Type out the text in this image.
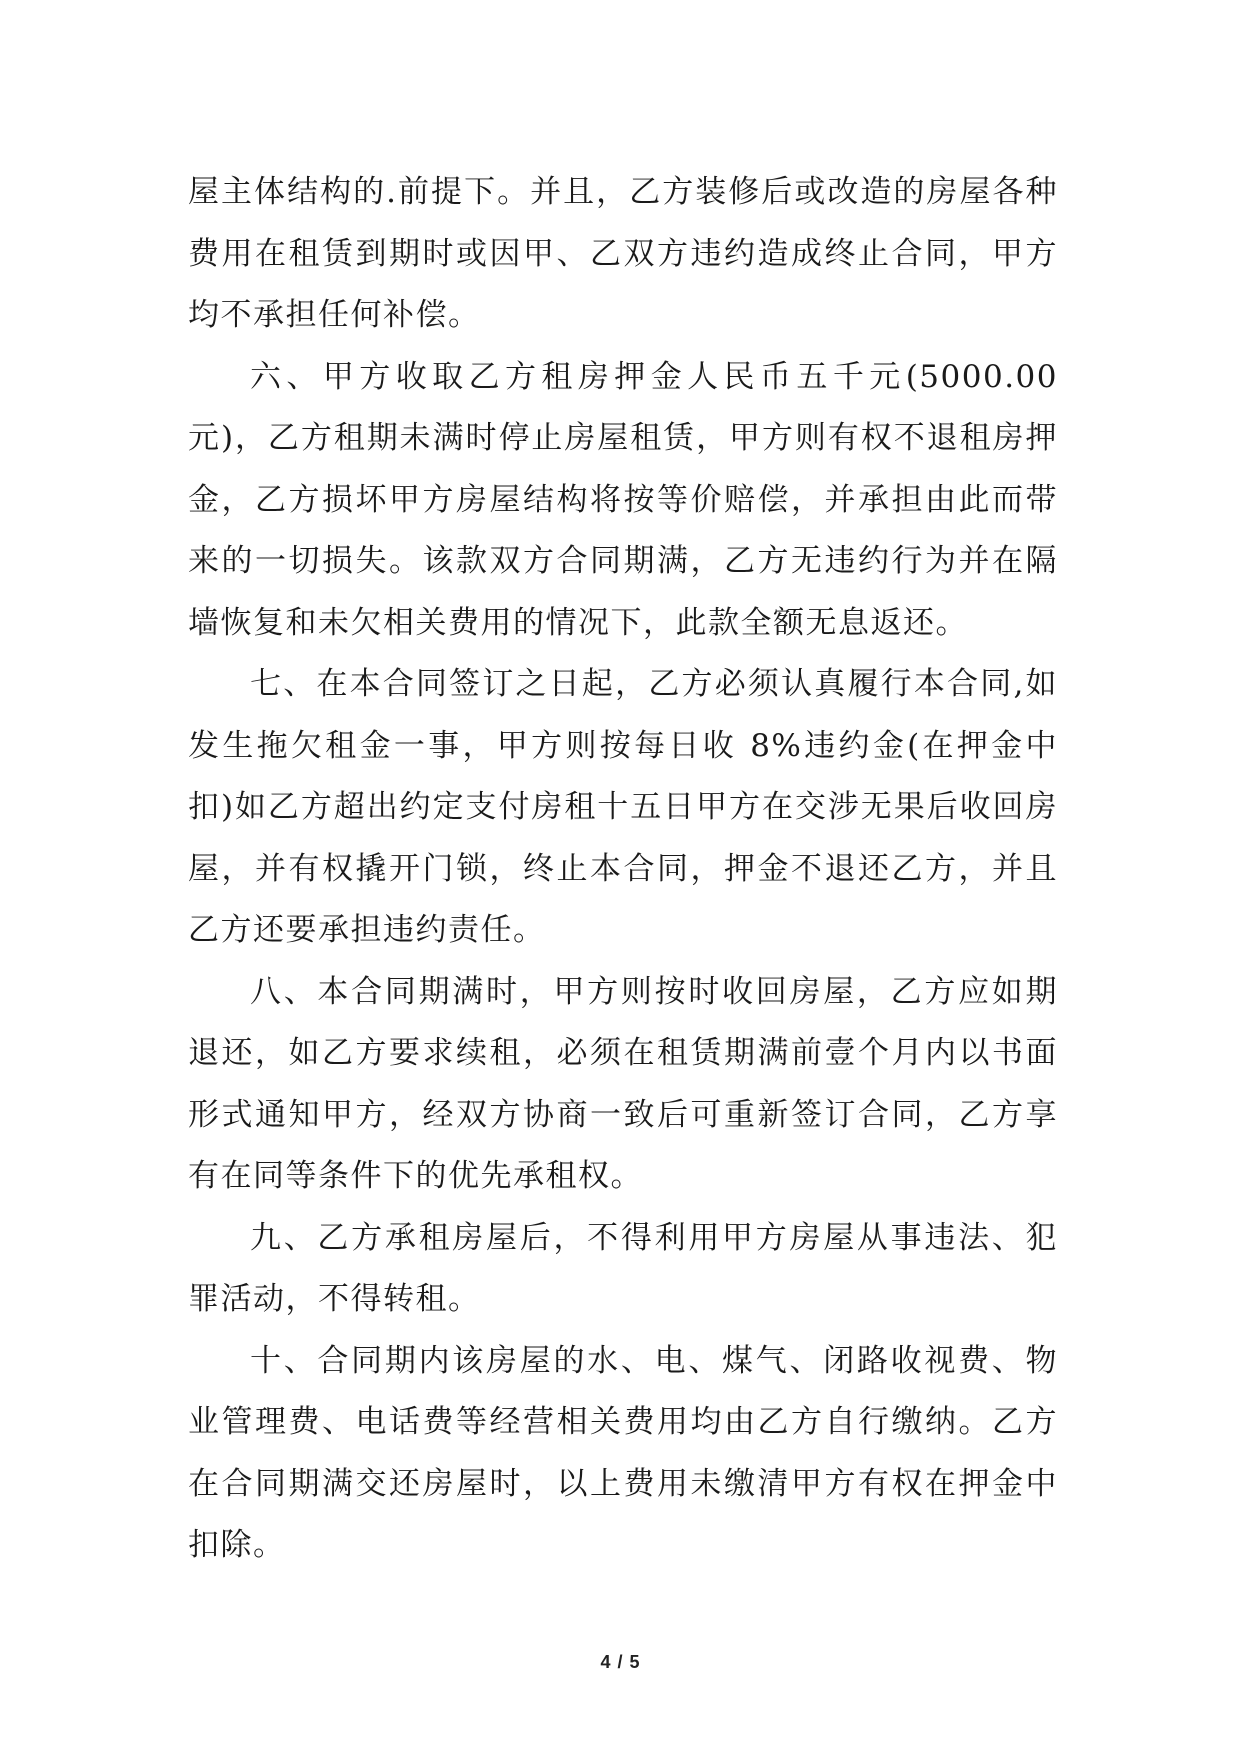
屋主体结构的.前提下。并且，乙方装修后或改造的房屋各种费用在租赁到期时或因甲、乙双方违约造成终止合同，甲方均不承担任何补偿。

六、甲方收取乙方租房押金人民币五千元(5000.00元)，乙方租期未满时停止房屋租赁，甲方则有权不退租房押金，乙方损坏甲方房屋结构将按等价赔偿，并承担由此而带来的一切损失。该款双方合同期满，乙方无违约行为并在隔墙恢复和未欠相关费用的情况下，此款全额无息返还。

七、在本合同签订之日起，乙方必须认真履行本合同,如发生拖欠租金一事，甲方则按每日收 8%违约金(在押金中扣)如乙方超出约定支付房租十五日甲方在交涉无果后收回房屋，并有权撬开门锁，终止本合同，押金不退还乙方，并且乙方还要承担违约责任。

八、本合同期满时，甲方则按时收回房屋，乙方应如期退还，如乙方要求续租，必须在租赁期满前壹个月内以书面形式通知甲方，经双方协商一致后可重新签订合同，乙方享有在同等条件下的优先承租权。

九、乙方承租房屋后，不得利用甲方房屋从事违法、犯罪活动，不得转租。

十、合同期内该房屋的水、电、煤气、闭路收视费、物业管理费、电话费等经营相关费用均由乙方自行缴纳。乙方在合同期满交还房屋时，以上费用未缴清甲方有权在押金中扣除。

4 / 5
